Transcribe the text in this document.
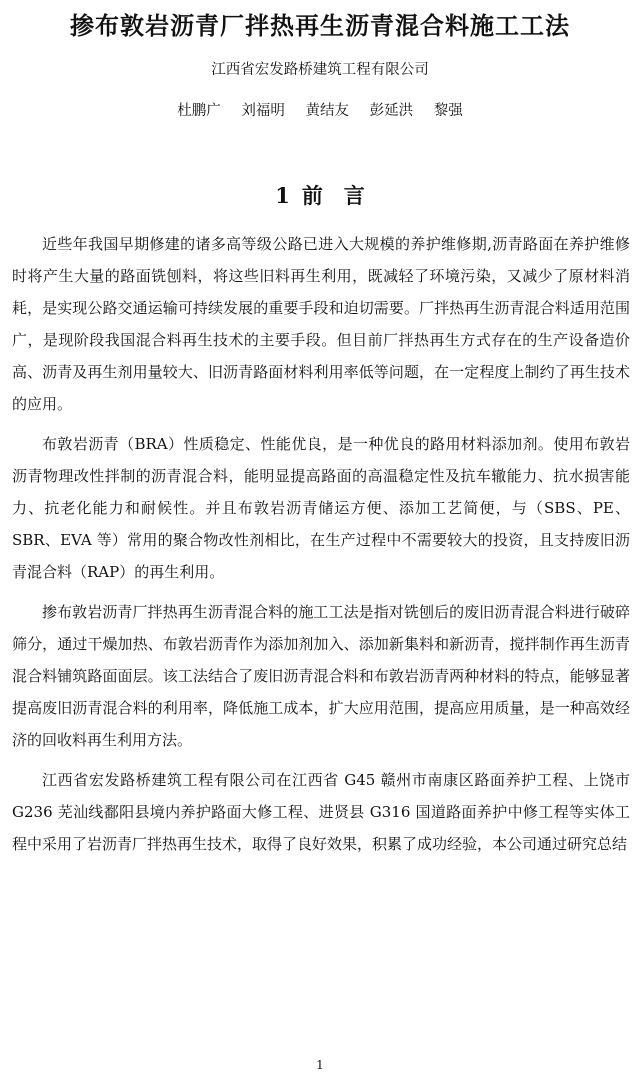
掺布敦岩沥青厂拌热再生沥青混合料施工工法
江西省宏发路桥建筑工程有限公司
杜鹏广 刘福明 黄结友 彭延洪 黎强
1 前　言

近些年我国早期修建的诸多高等级公路已进入大规模的养护维修期,沥青路面在养护维修时将产生大量的路面铣刨料，将这些旧料再生利用，既减轻了环境污染，又减少了原材料消耗，是实现公路交通运输可持续发展的重要手段和迫切需要。厂拌热再生沥青混合料适用范围广，是现阶段我国混合料再生技术的主要手段。但目前厂拌热再生方式存在的生产设备造价高、沥青及再生剂用量较大、旧沥青路面材料利用率低等问题，在一定程度上制约了再生技术的应用。

布敦岩沥青（BRA）性质稳定、性能优良，是一种优良的路用材料添加剂。使用布敦岩沥青物理改性拌制的沥青混合料，能明显提高路面的高温稳定性及抗车辙能力、抗水损害能力、抗老化能力和耐候性。并且布敦岩沥青储运方便、添加工艺简便，与（SBS、PE、SBR、EVA 等）常用的聚合物改性剂相比，在生产过程中不需要较大的投资，且支持废旧沥青混合料（RAP）的再生利用。

掺布敦岩沥青厂拌热再生沥青混合料的施工工法是指对铣刨后的废旧沥青混合料进行破碎筛分，通过干燥加热、布敦岩沥青作为添加剂加入、添加新集料和新沥青，搅拌制作再生沥青混合料铺筑路面面层。该工法结合了废旧沥青混合料和布敦岩沥青两种材料的特点，能够显著提高废旧沥青混合料的利用率，降低施工成本，扩大应用范围，提高应用质量，是一种高效经济的回收料再生利用方法。

江西省宏发路桥建筑工程有限公司在江西省 G45 赣州市南康区路面养护工程、上饶市G236 芜汕线鄱阳县境内养护路面大修工程、进贤县 G316 国道路面养护中修工程等实体工程中采用了岩沥青厂拌热再生技术，取得了良好效果，积累了成功经验，本公司通过研究总结

1
